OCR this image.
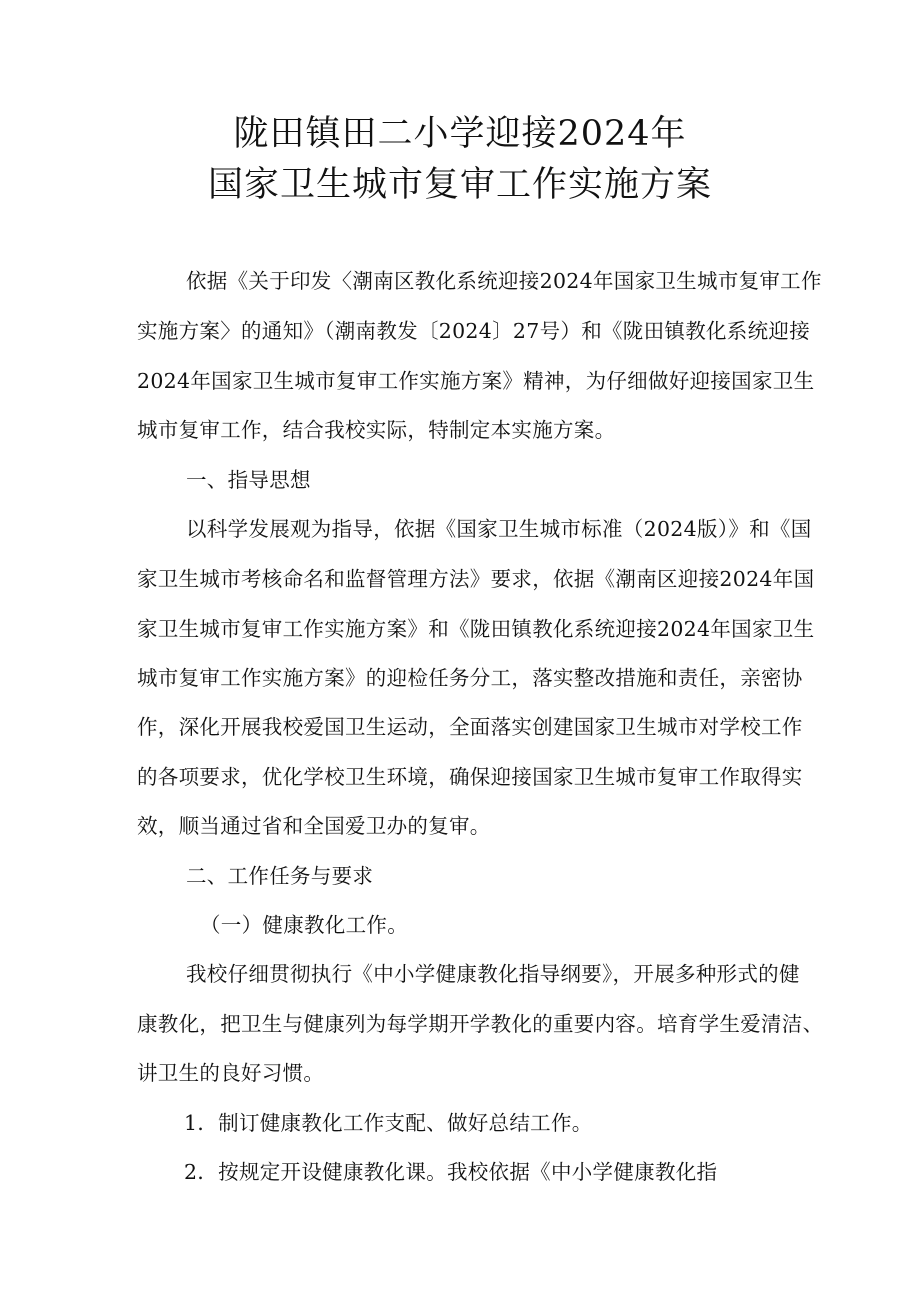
陇田镇田二小学迎接2024年
国家卫生城市复审工作实施方案
依据《关于印发〈潮南区教化系统迎接2024年国家卫生城市复审工作
实施方案〉的通知》（潮南教发〔2024〕27号）和《陇田镇教化系统迎接
2024年国家卫生城市复审工作实施方案》精神，为仔细做好迎接国家卫生
城市复审工作，结合我校实际，特制定本实施方案。
一、指导思想
以科学发展观为指导，依据《国家卫生城市标准（2024版）》和《国
家卫生城市考核命名和监督管理方法》要求，依据《潮南区迎接2024年国
家卫生城市复审工作实施方案》和《陇田镇教化系统迎接2024年国家卫生
城市复审工作实施方案》的迎检任务分工，落实整改措施和责任，亲密协
作，深化开展我校爱国卫生运动，全面落实创建国家卫生城市对学校工作
的各项要求，优化学校卫生环境，确保迎接国家卫生城市复审工作取得实
效，顺当通过省和全国爱卫办的复审。
二、工作任务与要求
（一）健康教化工作。
我校仔细贯彻执行《中小学健康教化指导纲要》，开展多种形式的健
康教化，把卫生与健康列为每学期开学教化的重要内容。培育学生爱清洁、
讲卫生的良好习惯。
1．制订健康教化工作支配、做好总结工作。
2．按规定开设健康教化课。我校依据《中小学健康教化指
